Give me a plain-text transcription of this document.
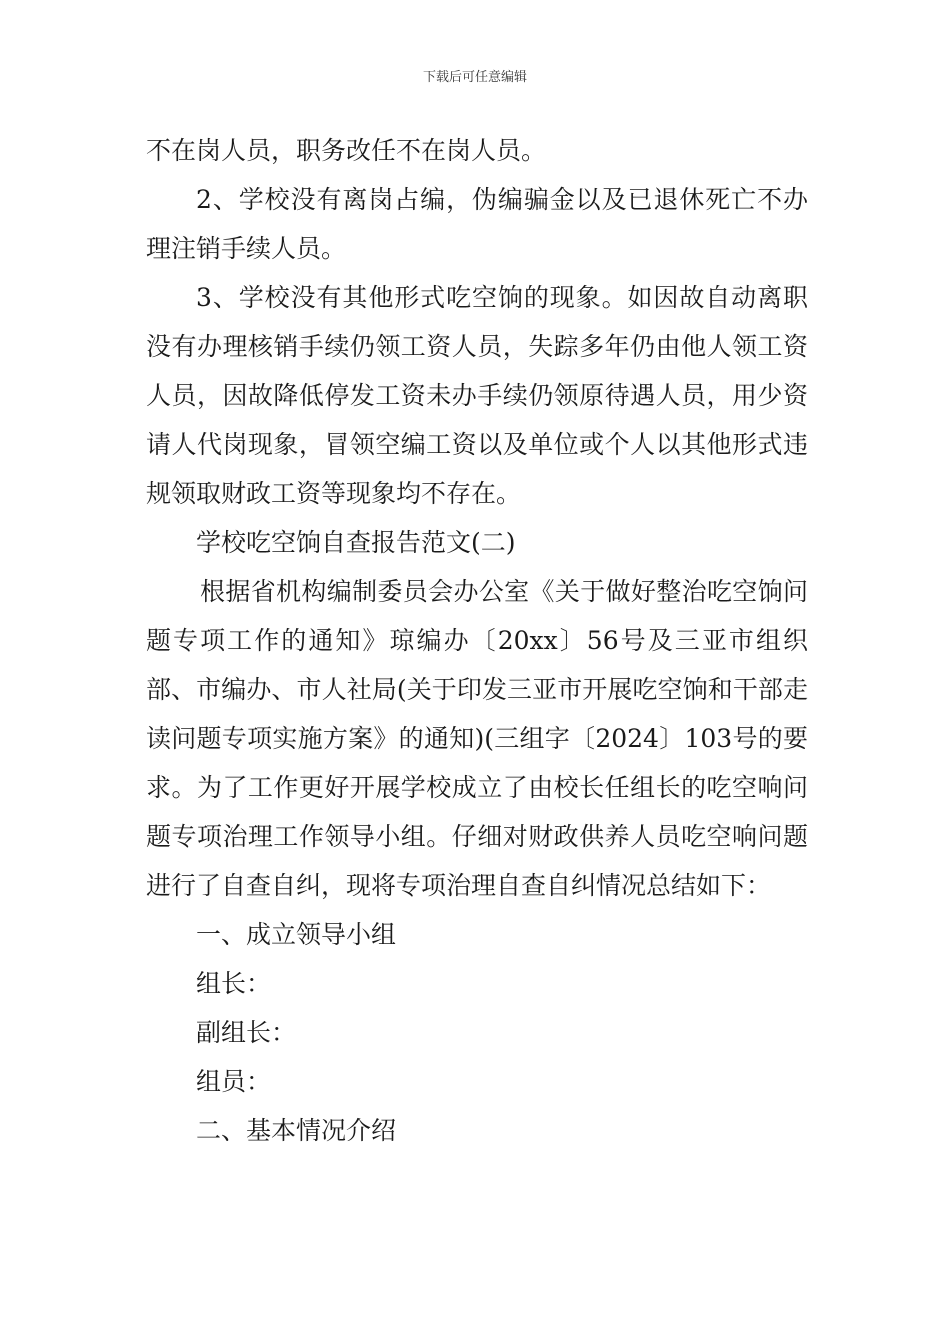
下载后可任意编辑

不在岗人员，职务改任不在岗人员。

2、学校没有离岗占编，伪编骗金以及已退休死亡不办理注销手续人员。

3、学校没有其他形式吃空饷的现象。如因故自动离职没有办理核销手续仍领工资人员，失踪多年仍由他人领工资人员，因故降低停发工资未办手续仍领原待遇人员，用少资请人代岗现象，冒领空编工资以及单位或个人以其他形式违规领取财政工资等现象均不存在。

学校吃空饷自查报告范文(二)

根据省机构编制委员会办公室《关于做好整治吃空饷问题专项工作的通知》琼编办〔20xx〕56号及三亚市组织部、市编办、市人社局(关于印发三亚市开展吃空饷和干部走读问题专项实施方案》的通知)(三组字〔2024〕103号的要求。为了工作更好开展学校成立了由校长任组长的吃空响问题专项治理工作领导小组。仔细对财政供养人员吃空响问题进行了自查自纠，现将专项治理自查自纠情况总结如下：

一、成立领导小组

组长：

副组长：

组员：

二、基本情况介绍
